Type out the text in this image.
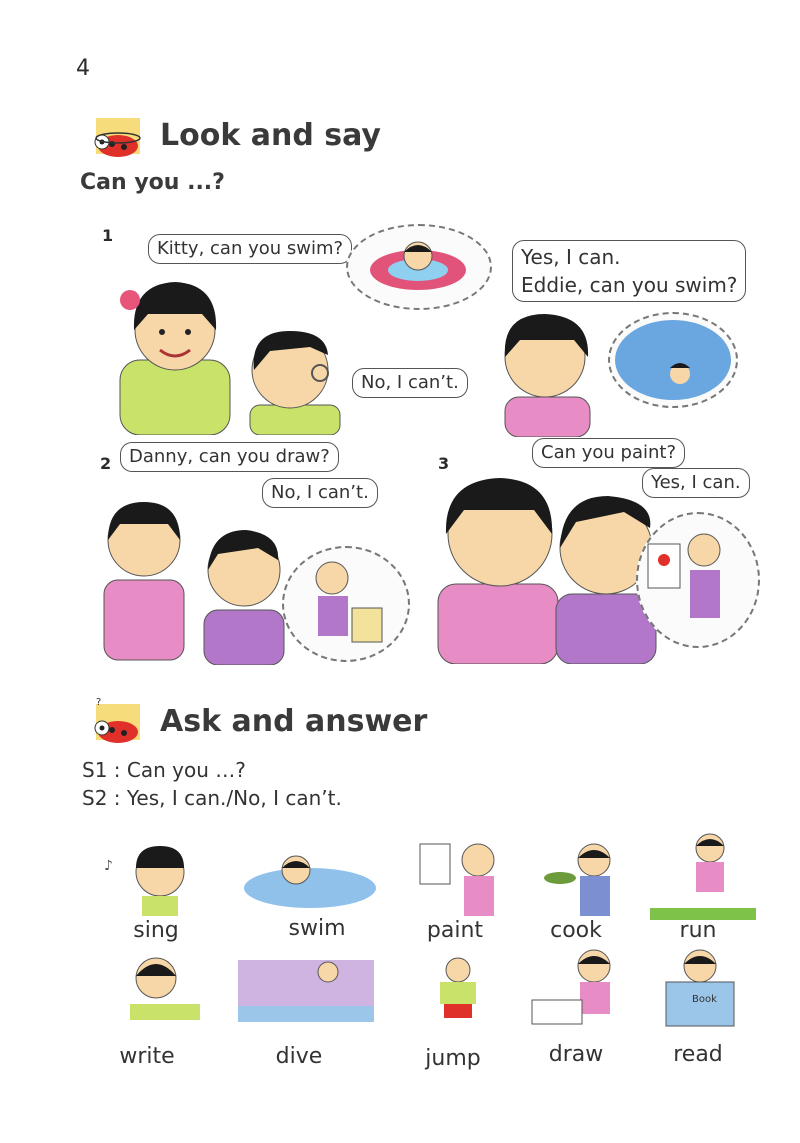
4
Look and say
Can you ...?
1
Kitty, can you swim?
No, I can’t.
Yes, I can.
Eddie, can you swim?
2 Danny, can you draw?
No, I can’t.
3
Can you paint?
Yes, I can.
?
Ask and answer
S1 : Can you …?
S2 : Yes, I can./No, I can’t.
♪
sing	swim	paint	cook	run
Book
write	dive	jump	draw	read
